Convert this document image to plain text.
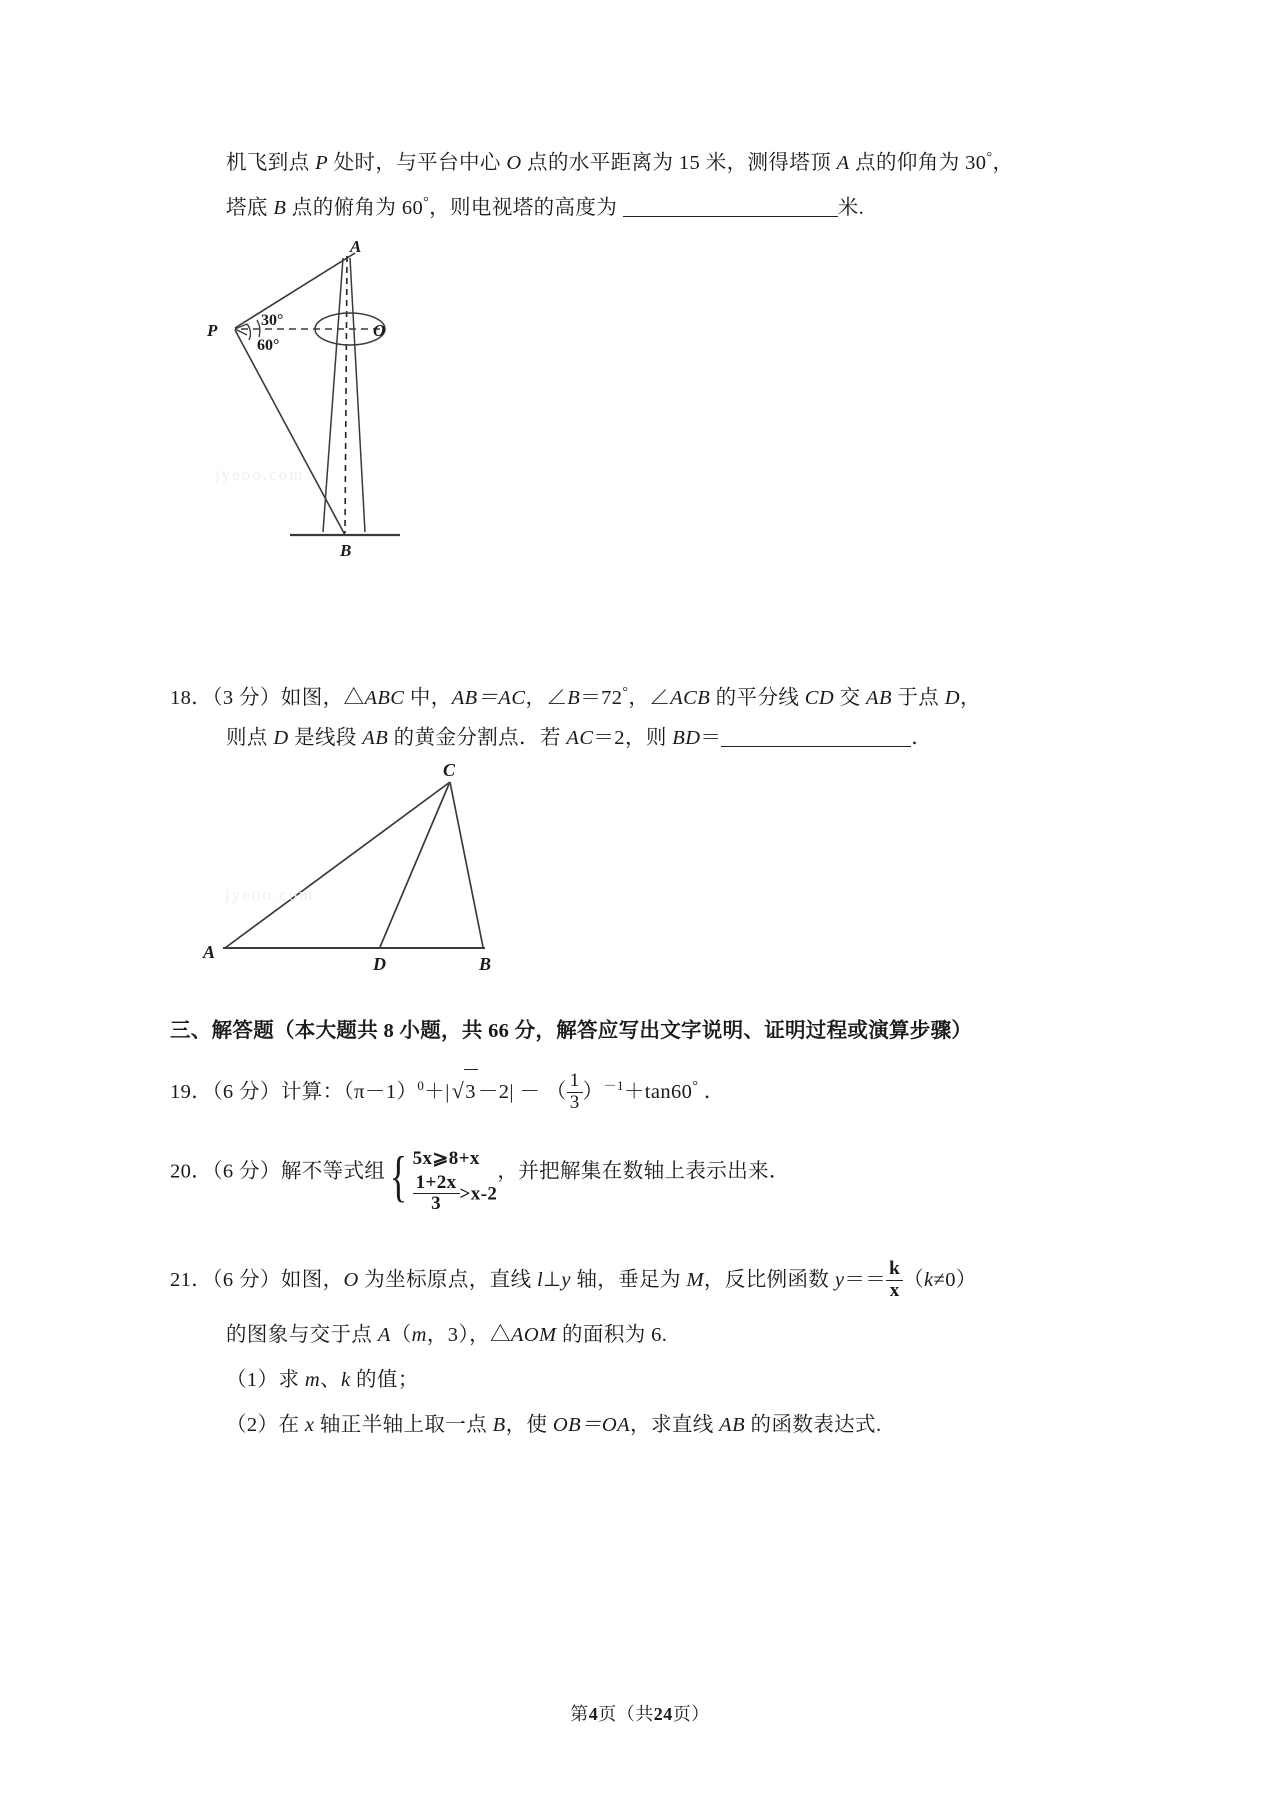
机飞到点 P 处时，与平台中心 O 点的水平距离为 15 米，测得塔顶 A 点的仰角为 30°，
塔底 B 点的俯角为 60°，则电视塔的高度为	米.
A
B
O
P
30°
60°
jyeoo.com
18．（3 分）如图，△ABC 中，AB＝AC，∠B＝72°，∠ACB 的平分线 CD 交 AB 于点 D，
则点 D 是线段 AB 的黄金分割点．若 AC＝2，则 BD＝	．
C
A
D	B
jyeoo.com
三、解答题（本大题共 8 小题，共 66 分，解答应写出文字说明、证明过程或演算步骤）
19．（6 分）计算：$(\pi-1)^0+|√3-2|$ － （ $\frac{1}{3} )^{-1}+\tan 60^\circ$ ．
20．（6 分）解不等式组{ 5x⩾8+x
$\frac{1+2x}{3} >x-2$
，并把解集在数轴上表示出来．
21．（6 分）如图，O 为坐标原点，直线 l⊥y 轴，垂足为 M，反比例函数 $y== \frac{k}{x} (k\ne 0)$
的图象与交于点 A（m，3），△AOM 的面积为 6.
（1）求 m、k 的值；
（2）在 x 轴正半轴上取一点 B，使 OB＝OA，求直线 AB 的函数表达式.
第4页（共24页）
